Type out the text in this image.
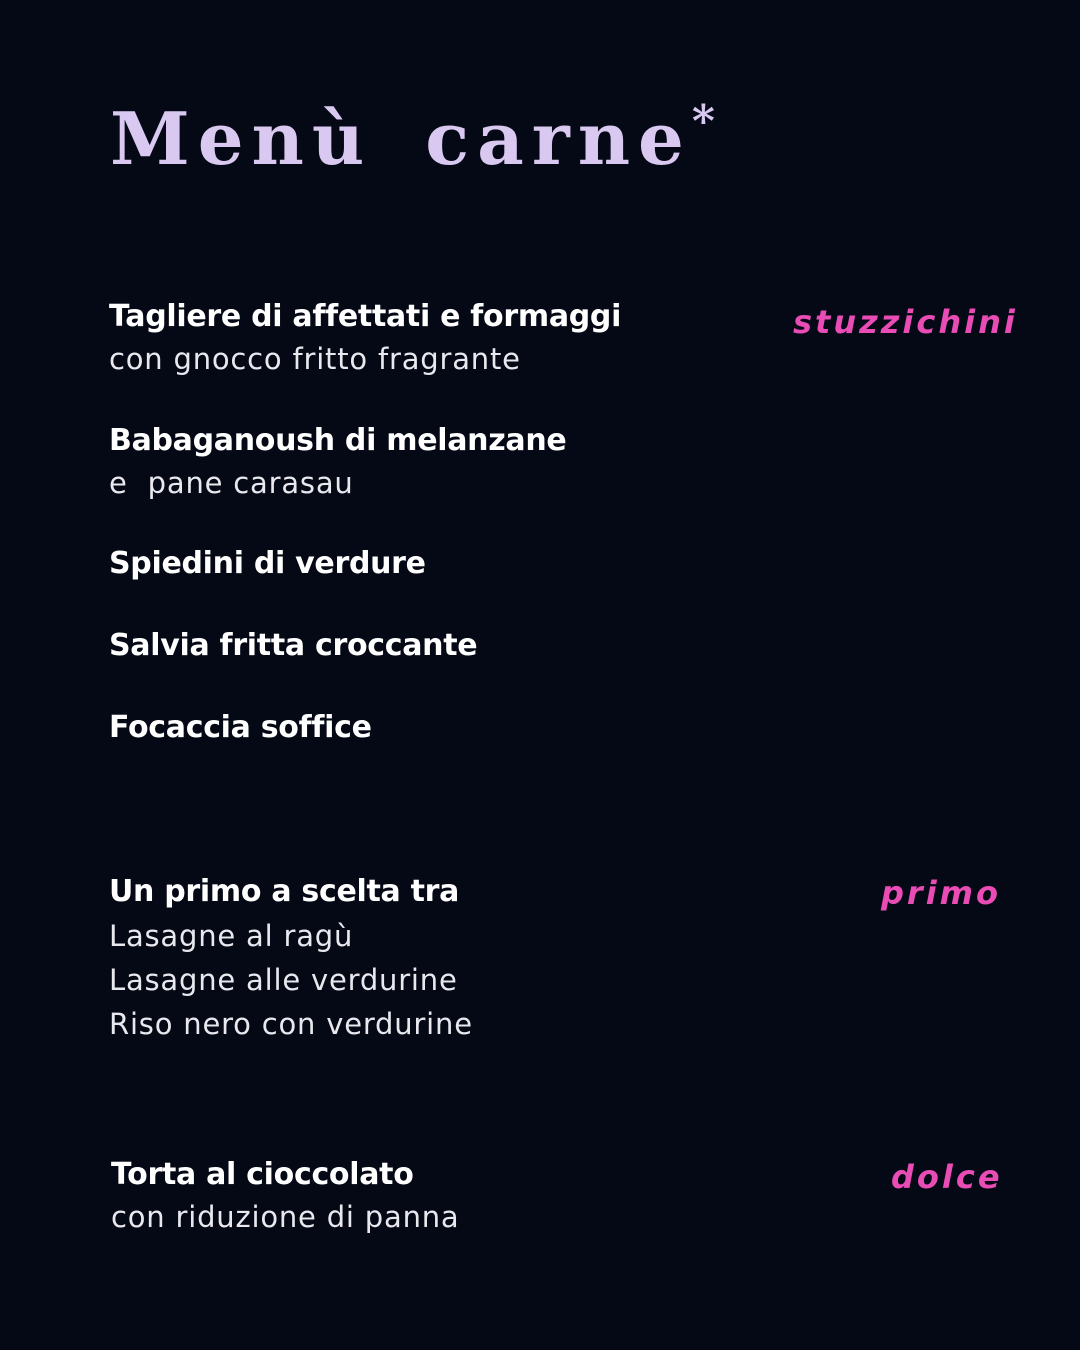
Menù carne*
stuzzichini
Tagliere di affettati e formaggi
con gnocco fritto fragrante
Babaganoush di melanzane
e  pane carasau
Spiedini di verdure
Salvia fritta croccante
Focaccia soffice
primo
Un primo a scelta tra
Lasagne al ragù
Lasagne alle verdurine
Riso nero con verdurine
dolce
Torta al cioccolato
con riduzione di panna
